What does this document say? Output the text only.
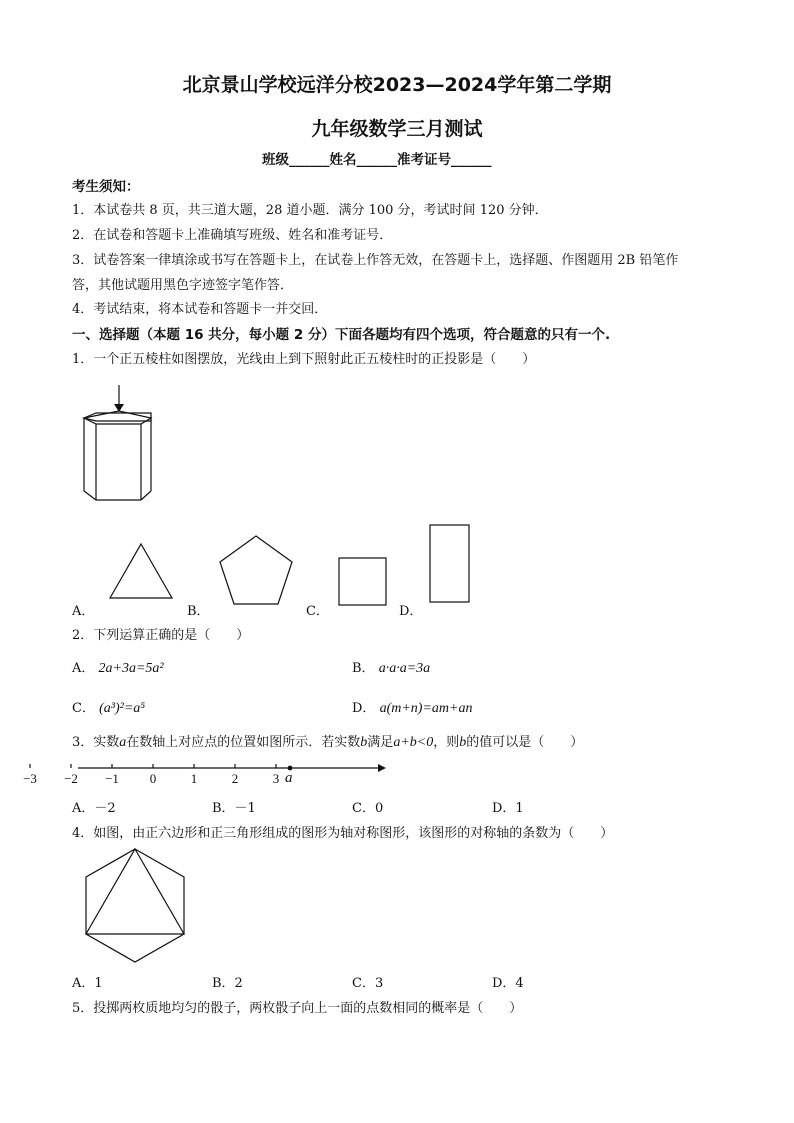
北京景山学校远洋分校2023—2024学年第二学期
九年级数学三月测试
班级______姓名______准考证号______
考生须知：
1．本试卷共 8 页，共三道大题，28 道小题．满分 100 分，考试时间 120 分钟．
2．在试卷和答题卡上准确填写班级、姓名和准考证号．
3．试卷答案一律填涂或书写在答题卡上，在试卷上作答无效，在答题卡上，选择题、作图题用 2B 铅笔作
答，其他试题用黑色字迹签字笔作答．
4．考试结束，将本试卷和答题卡一并交回．
一、选择题（本题 16 共分，每小题 2 分）下面各题均有四个选项，符合题意的只有一个.
1．一个正五棱柱如图摆放，光线由上到下照射此正五棱柱时的正投影是（　　）
A．	B．	C．	D．
2．下列运算正确的是（　　）
A． 2a+3a=5a²	B． a·a·a=3a
C． (a³)²=a⁵	D． a(m+n)=am+an
3．实数a在数轴上对应点的位置如图所示．若实数b满足a+b<0，则b的值可以是（　　）
a
−3 −2 −1	0	1	2	3
A．－2	B．－1	C．0	D．1
4．如图，由正六边形和正三角形组成的图形为轴对称图形，该图形的对称轴的条数为（　　）
A．1	B．2	C．3	D．4
5．投掷两枚质地均匀的骰子，两枚骰子向上一面的点数相同的概率是（　　）
